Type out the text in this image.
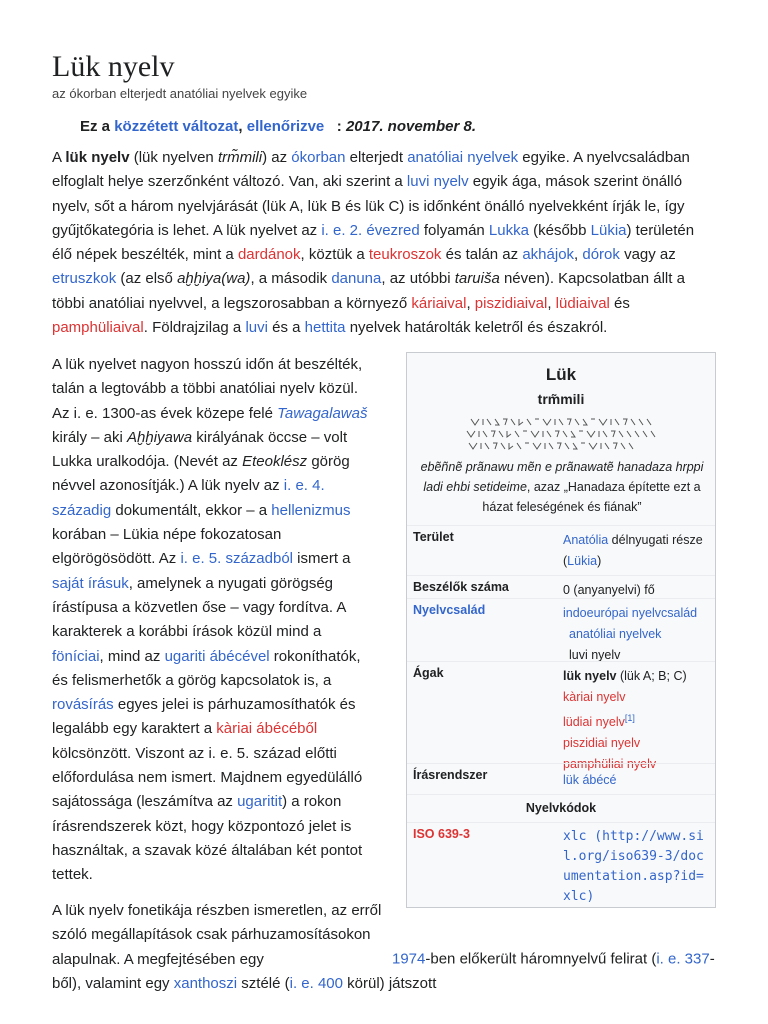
Lük nyelv
az ókorban elterjedt anatóliai nyelvek egyike
Ez a közzétett változat, ellenőrizve : 2017. november 8.

A lük nyelv (lük nyelven trm̃mili) az ókorban elterjedt anatóliai nyelvek egyike. A nyelvcsaládban elfoglalt helye szerzőnként változó. Van, aki szerint a luvi nyelv egyik ága, mások szerint önálló nyelv, sőt a három nyelvjárását (lük A, lük B és lük C) is időnként önálló nyelvekként írják le, így gyűjtőkategória is lehet. A lük nyelvet az i. e. 2. évezred folyamán Lukka (később Lükia) területén élő népek beszélték, mint a dardánok, köztük a teukroszok és talán az akhájok, dórok vagy az etruszkok (az első aḫḫiya(wa), a második danuna, az utóbbi taruiša néven). Kapcsolatban állt a többi anatóliai nyelvvel, a legszorosabban a környező káriaival, piszidiaival, lüdiaival és pamphüliaival. Földrajzilag a luvi és a hettita nyelvek határolták keletről és északról.

A lük nyelvet nagyon hosszú időn át beszélték, talán a legtovább a többi anatóliai nyelv közül. Az i. e. 1300-as évek közepe felé Tawagalawaš király – aki Aḫḫiyawa királyának öccse – volt Lukka uralkodója. (Nevét az Eteoklész görög névvel azonosítják.) A lük nyelv az i. e. 4. századig dokumentált, ekkor – a hellenizmus korában – Lükia népe fokozatosan elgörögösödött. Az i. e. 5. századból ismert a saját írásuk, amelynek a nyugati görögség írástípusa a közvetlen őse – vagy fordítva. A karakterek a korábbi írások közül mind a föníciai, mind az ugariti ábécével rokoníthatók, és felismerhetők a görög kapcsolatok is, a rovásírás egyes jelei is párhuzamosíthatók és legalább egy karaktert a kàriai ábécéből kölcsönzött. Viszont az i. e. 5. század előtti előfordulása nem ismert. Majdnem egyedülálló sajátossága (leszámítva az ugaritit) a rokon írásrendszerek közt, hogy központozó jelet is használtak, a szavak közé általában két pontot tettek.

Lük
trm̃mili
ebẽñnẽ prãnawu mẽn e prãnawatẽ hanadaza hrppi ladi ehbi setideime, azaz „Hanadaza építette ezt a házat feleségének és fiának”
Terület	Anatólia délnyugati része (Lükia)
Beszélők száma	0 (anyanyelvi) fő
Nyelvcsalád	indoeurópai nyelvcsalád
anatóliai nyelvek
luvi nyelv
Ágak	lük nyelv (lük A; B; C)
kàriai nyelv
lüdiai nyelv[1]
piszidiai nyelv
pamphüliai nyelv
Írásrendszer	lük ábécé
Nyelvkódok
ISO 639-3	xlc (http://www.sil.org/iso639-3/documentation.asp?id=xlc)

A lük nyelv fonetikája részben ismeretlen, az erről szóló megállapítások csak párhuzamosításokon alapulnak. A megfejtésében egy	1974-ben előkerült háromnyelvű felirat (i. e. 337-ből), valamint egy xanthoszi sztélé (i. e. 400 körül) játszott
